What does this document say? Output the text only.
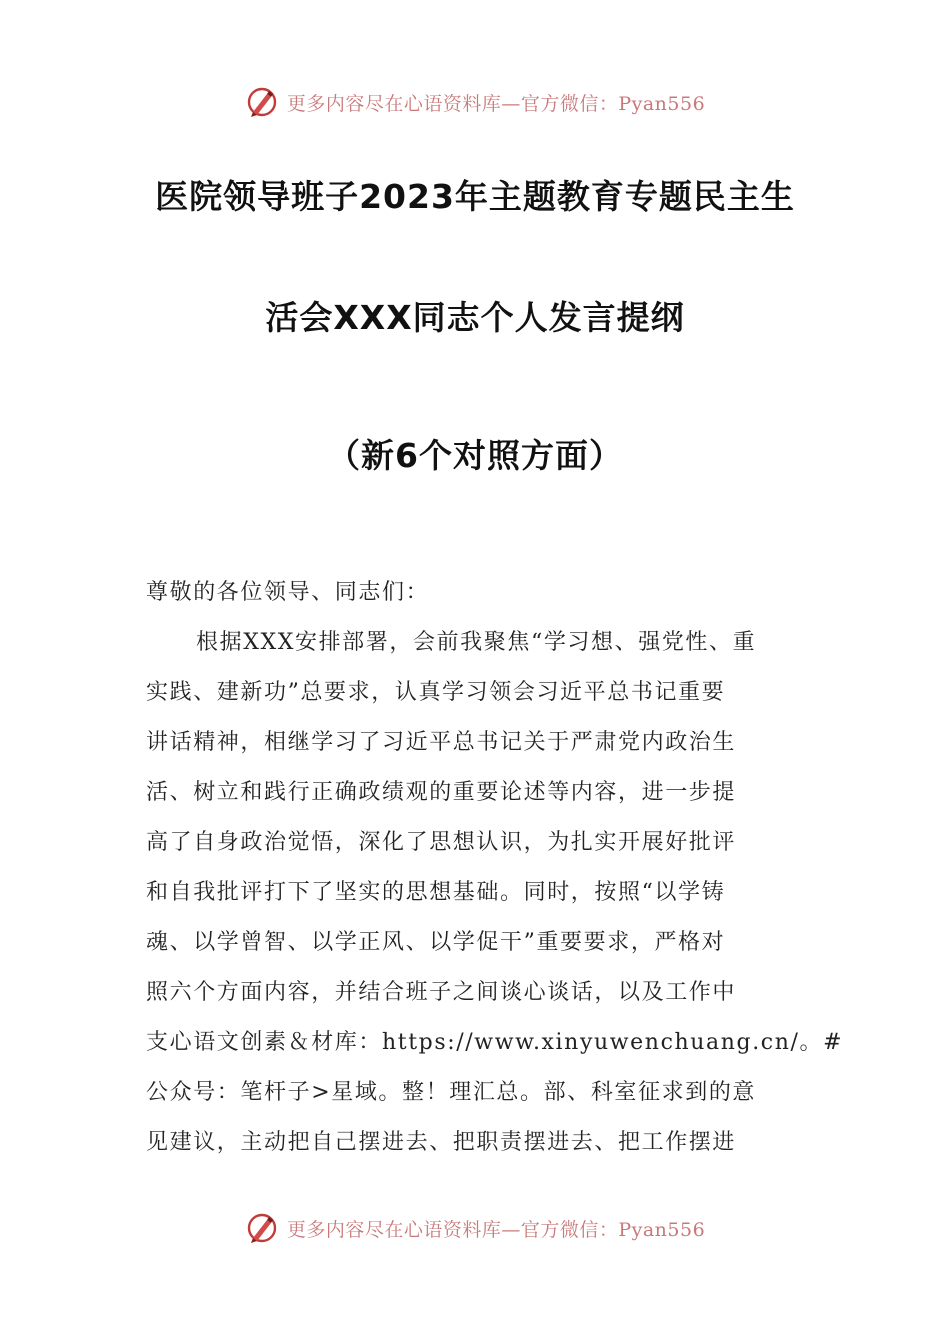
更多内容尽在心语资料库—官方微信：Pyan556
医院领导班子2023年主题教育专题民主生
活会XXX同志个人发言提纲
（新6个对照方面）
尊敬的各位领导、同志们：
根据XXX安排部署，会前我聚焦“学习想、强党性、重
实践、建新功”总要求，认真学习领会习近平总书记重要
讲话精神，相继学习了习近平总书记关于严肃党内政治生
活、树立和践行正确政绩观的重要论述等内容，进一步提
高了自身政治觉悟，深化了思想认识，为扎实开展好批评
和自我批评打下了坚实的思想基础。同时，按照“以学铸
魂、以学曾智、以学正风、以学促干”重要要求，严格对
照六个方面内容，并结合班子之间谈心谈话，以及工作中
支心语文创素＆材库：https://www.xinyuwenchuang.cn/。#
公众号：笔杆子>星域。整！理汇总。部、科室征求到的意
见建议，主动把自己摆进去、把职责摆进去、把工作摆进
更多内容尽在心语资料库—官方微信：Pyan556
